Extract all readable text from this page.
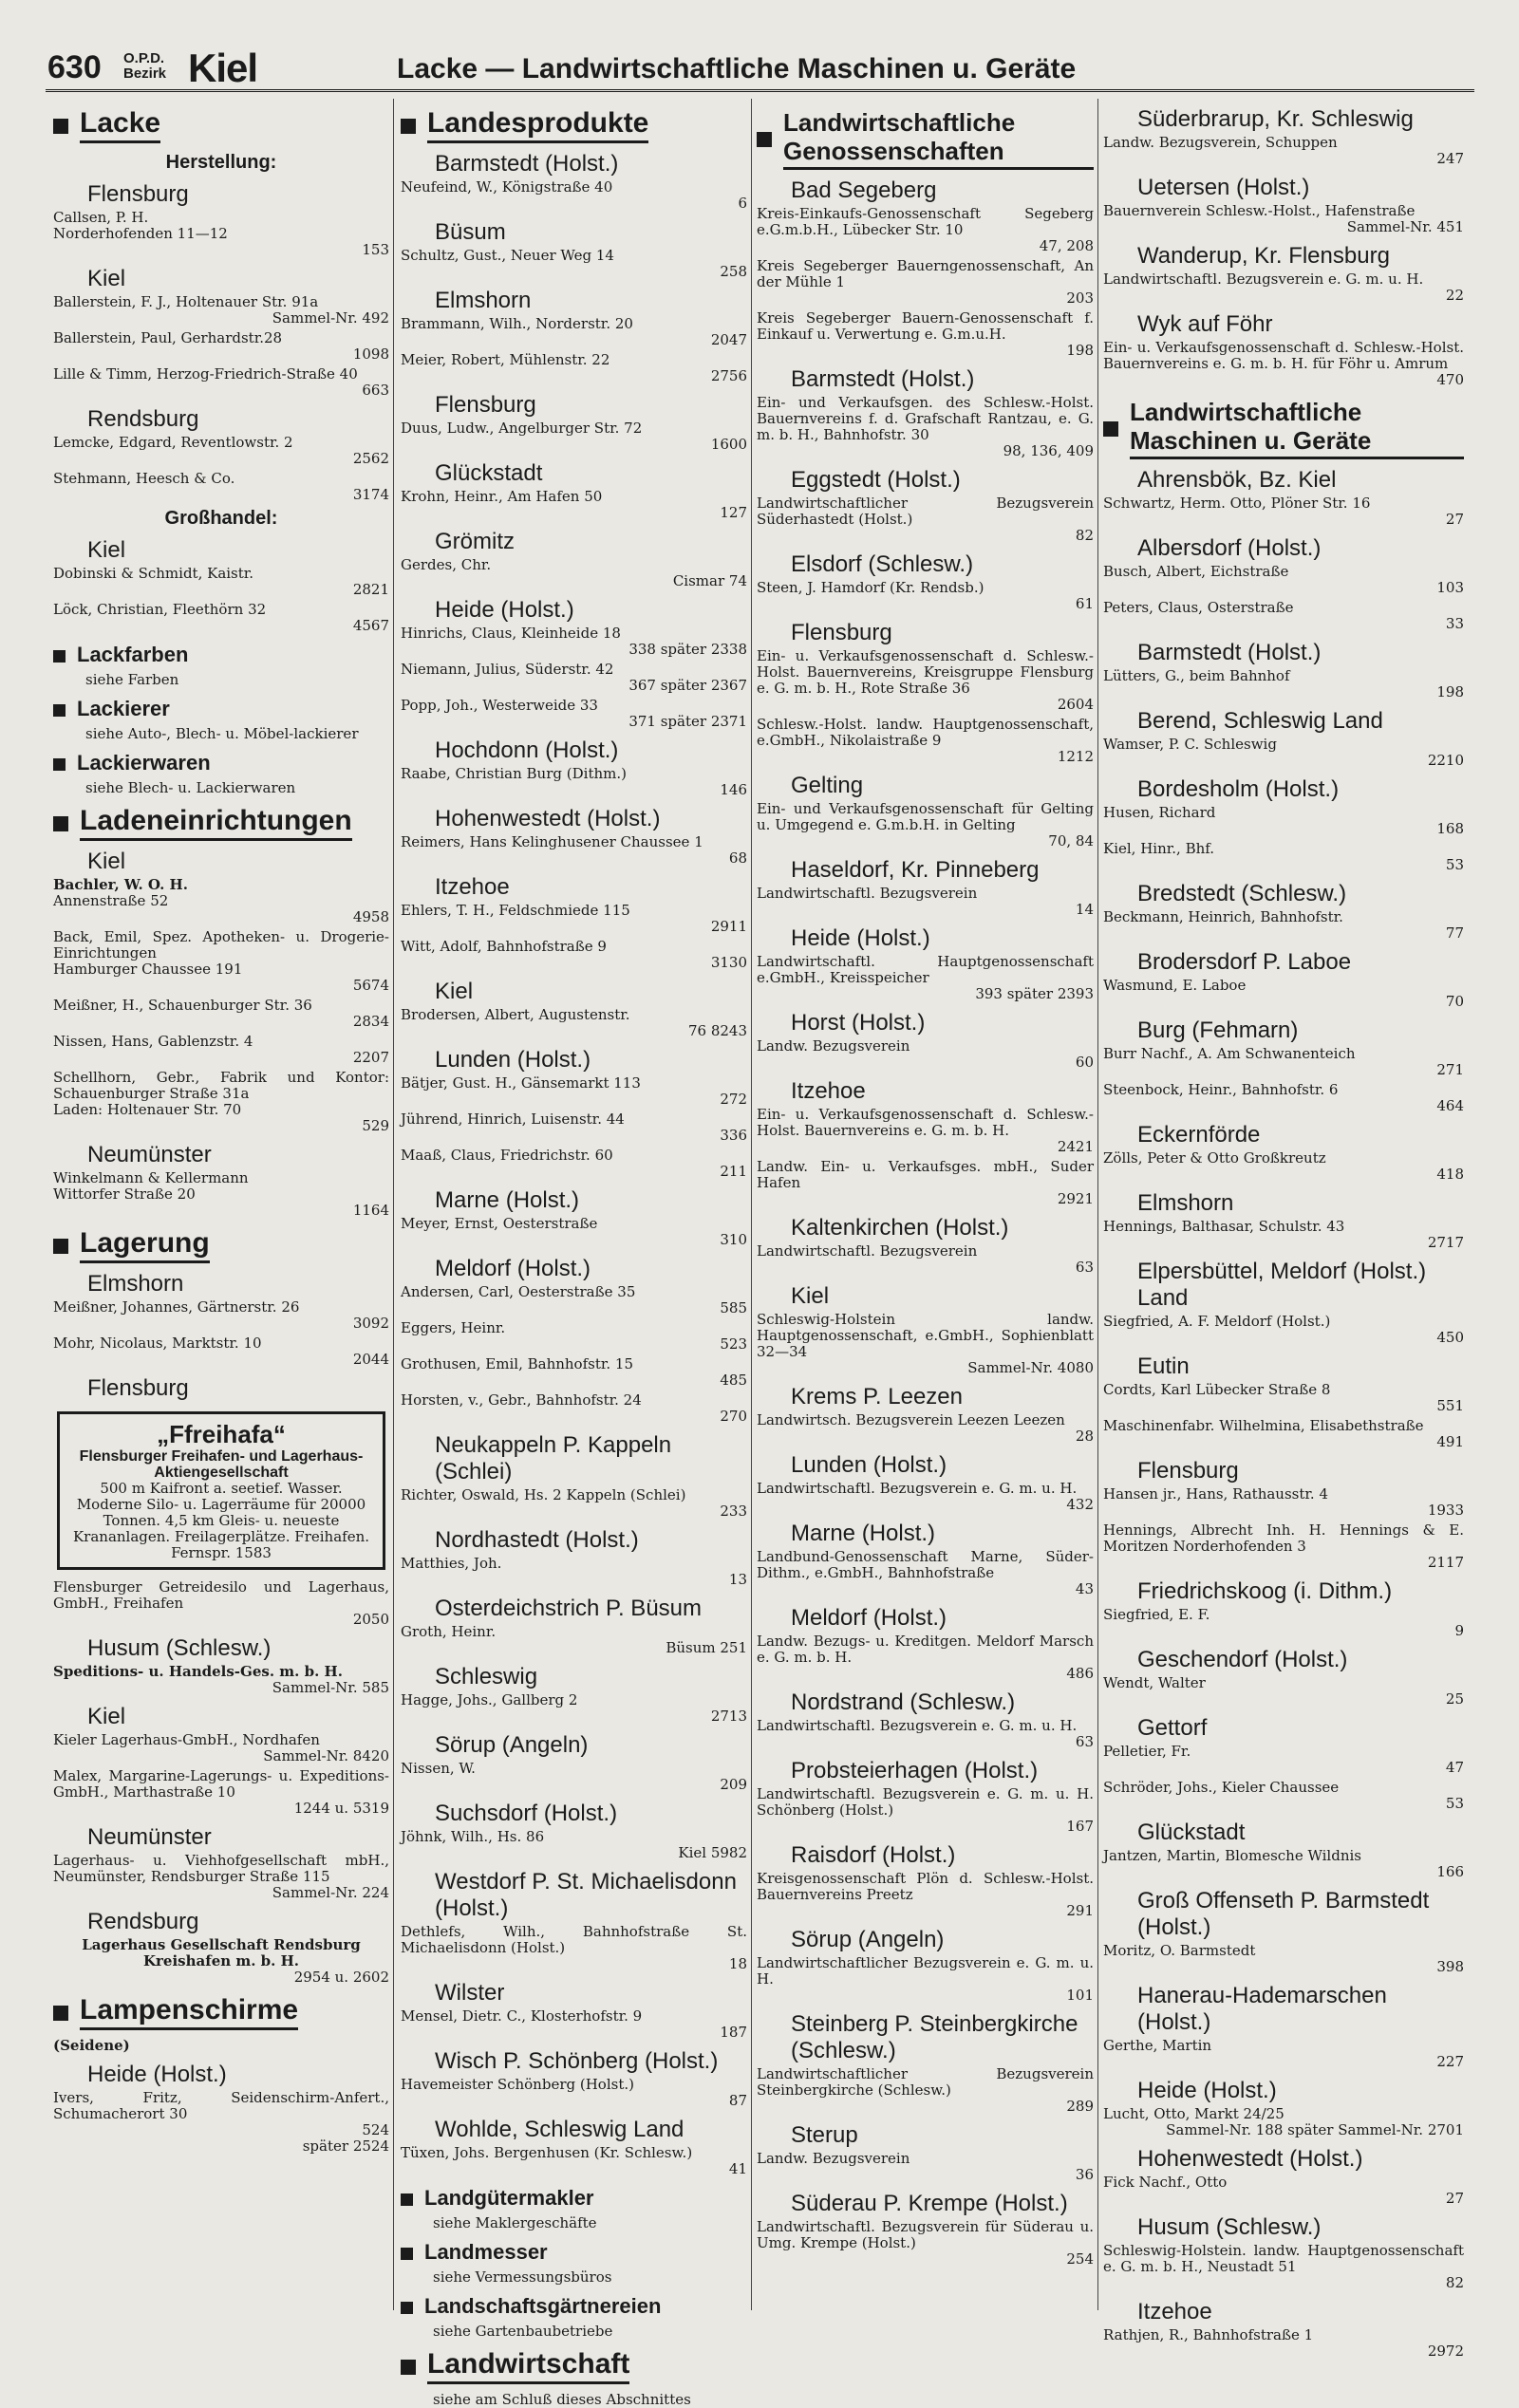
630 O.P.D.
Bezirk Kiel	Lacke — Landwirtschaftliche Maschinen u. Geräte
Lacke
Herstellung:
Flensburg
Callsen, P. H.
Norderhofenden 11—12
153
Kiel
Ballerstein, F. J., Holtenauer Str. 91a
Sammel-Nr. 492
Ballerstein, Paul, Gerhardstr.28
1098
Lille & Timm, Herzog-Friedrich-Straße 40
663
Rendsburg
Lemcke, Edgard, Reventlowstr. 2
2562
Stehmann, Heesch & Co.
3174
Großhandel:
Kiel
Dobinski & Schmidt, Kaistr.
2821
Löck, Christian, Fleethörn 32
4567
Lackfarben
siehe Farben
Lackierer
siehe Auto-, Blech- u. Möbel-lackierer
Lackierwaren
siehe Blech- u. Lackierwaren
Ladeneinrichtungen
Kiel
Bachler, W. O. H.
Annenstraße 52
4958
Back, Emil, Spez. Apotheken- u. Drogerie-Einrichtungen
Hamburger Chaussee 191
5674
Meißner, H., Schauenburger Str. 36
2834
Nissen, Hans, Gablenzstr. 4
2207
Schellhorn, Gebr., Fabrik und Kontor: Schauenburger Straße 31a
Laden: Holtenauer Str. 70
529
Neumünster
Winkelmann & Kellermann
Wittorfer Straße 20
1164
Lagerung
Elmshorn
Meißner, Johannes, Gärtnerstr. 26
3092
Mohr, Nicolaus, Marktstr. 10
2044
Flensburg
„Ffreihafa“
Flensburger Freihafen- und Lagerhaus-Aktiengesellschaft
500 m Kaifront a. seetief. Wasser. Moderne Silo- u. Lagerräume für 20000 Tonnen. 4,5 km Gleis- u. neueste Krananlagen. Freilagerplätze. Freihafen. Fernspr. 1583
Flensburger Getreidesilo und Lagerhaus, GmbH., Freihafen
2050
Husum (Schlesw.)
Speditions- u. Handels-Ges. m. b. H.
Sammel-Nr. 585
Kiel
Kieler Lagerhaus-GmbH., Nordhafen
Sammel-Nr. 8420
Malex, Margarine-Lagerungs- u. Expeditions-GmbH., Marthastraße 10
1244 u. 5319
Neumünster
Lagerhaus- u. Viehhofgesellschaft mbH., Neumünster, Rendsburger Straße 115
Sammel-Nr. 224
Rendsburg
Lagerhaus Gesellschaft Rendsburg Kreishafen m. b. H.
2954 u. 2602
Lampenschirme
(Seidene)
Heide (Holst.)
Ivers, Fritz, Seidenschirm-Anfert., Schumacherort 30
524
später 2524
Landesprodukte
Barmstedt (Holst.)
Neufeind, W., Königstraße 40
6
Büsum
Schultz, Gust., Neuer Weg 14
258
Elmshorn
Brammann, Wilh., Norderstr. 20
2047
Meier, Robert, Mühlenstr. 22
2756
Flensburg
Duus, Ludw., Angelburger Str. 72
1600
Glückstadt
Krohn, Heinr., Am Hafen 50
127
Grömitz
Gerdes, Chr.
Cismar 74
Heide (Holst.)
Hinrichs, Claus, Kleinheide 18
338 später 2338
Niemann, Julius, Süderstr. 42
367 später 2367
Popp, Joh., Westerweide 33
371 später 2371
Hochdonn (Holst.)
Raabe, Christian Burg (Dithm.)
146
Hohenwestedt (Holst.)
Reimers, Hans Kelinghusener Chaussee 1
68
Itzehoe
Ehlers, T. H., Feldschmiede 115
2911
Witt, Adolf, Bahnhofstraße 9
3130
Kiel
Brodersen, Albert, Augustenstr.
76 8243
Lunden (Holst.)
Bätjer, Gust. H., Gänsemarkt 113
272
Jührend, Hinrich, Luisenstr. 44
336
Maaß, Claus, Friedrichstr. 60
211
Marne (Holst.)
Meyer, Ernst, Oesterstraße
310
Meldorf (Holst.)
Andersen, Carl, Oesterstraße 35
585
Eggers, Heinr.
523
Grothusen, Emil, Bahnhofstr. 15
485
Horsten, v., Gebr., Bahnhofstr. 24
270
Neukappeln P. Kappeln (Schlei)
Richter, Oswald, Hs. 2 Kappeln (Schlei)
233
Nordhastedt (Holst.)
Matthies, Joh.
13
Osterdeichstrich P. Büsum
Groth, Heinr.
Büsum 251
Schleswig
Hagge, Johs., Gallberg 2
2713
Sörup (Angeln)
Nissen, W.
209
Suchsdorf (Holst.)
Jöhnk, Wilh., Hs. 86
Kiel 5982
Westdorf P. St. Michaelisdonn (Holst.)
Dethlefs, Wilh., Bahnhofstraße St. Michaelisdonn (Holst.)
18
Wilster
Mensel, Dietr. C., Klosterhofstr. 9
187
Wisch P. Schönberg (Holst.)
Havemeister Schönberg (Holst.)
87
Wohlde, Schleswig Land
Tüxen, Johs. Bergenhusen (Kr. Schlesw.)
41
Landgütermakler
siehe Maklergeschäfte
Landmesser
siehe Vermessungsbüros
Landschaftsgärtnereien
siehe Gartenbaubetriebe
Landwirtschaft
siehe am Schluß dieses Abschnittes
Landwirtschaftliche Genossenschaften
Bad Segeberg
Kreis-Einkaufs-Genossenschaft Segeberg e.G.m.b.H., Lübecker Str. 10
47, 208
Kreis Segeberger Bauerngenossenschaft, An der Mühle 1
203
Kreis Segeberger Bauern-Genossenschaft f. Einkauf u. Verwertung e. G.m.u.H.
198
Barmstedt (Holst.)
Ein- und Verkaufsgen. des Schlesw.-Holst. Bauernvereins f. d. Grafschaft Rantzau, e. G. m. b. H., Bahnhofstr. 30
98, 136, 409
Eggstedt (Holst.)
Landwirtschaftlicher Bezugsverein Süderhastedt (Holst.)
82
Elsdorf (Schlesw.)
Steen, J. Hamdorf (Kr. Rendsb.)
61
Flensburg
Ein- u. Verkaufsgenossenschaft d. Schlesw.-Holst. Bauernvereins, Kreisgruppe Flensburg e. G. m. b. H., Rote Straße 36
2604
Schlesw.-Holst. landw. Hauptgenossenschaft, e.GmbH., Nikolaistraße 9
1212
Gelting
Ein- und Verkaufsgenossenschaft für Gelting u. Umgegend e. G.m.b.H. in Gelting
70, 84
Haseldorf, Kr. Pinneberg
Landwirtschaftl. Bezugsverein
14
Heide (Holst.)
Landwirtschaftl. Hauptgenossenschaft e.GmbH., Kreisspeicher
393 später 2393
Horst (Holst.)
Landw. Bezugsverein
60
Itzehoe
Ein- u. Verkaufsgenossenschaft d. Schlesw.-Holst. Bauernvereins e. G. m. b. H.
2421
Landw. Ein- u. Verkaufsges. mbH., Suder Hafen
2921
Kaltenkirchen (Holst.)
Landwirtschaftl. Bezugsverein
63
Kiel
Schleswig-Holstein landw. Hauptgenossenschaft, e.GmbH., Sophienblatt 32—34
Sammel-Nr. 4080
Krems P. Leezen
Landwirtsch. Bezugsverein Leezen Leezen
28
Lunden (Holst.)
Landwirtschaftl. Bezugsverein e. G. m. u. H.
432
Marne (Holst.)
Landbund-Genossenschaft Marne, Süder-Dithm., e.GmbH., Bahnhofstraße
43
Meldorf (Holst.)
Landw. Bezugs- u. Kreditgen. Meldorf Marsch e. G. m. b. H.
486
Nordstrand (Schlesw.)
Landwirtschaftl. Bezugsverein e. G. m. u. H.
63
Probsteierhagen (Holst.)
Landwirtschaftl. Bezugsverein e. G. m. u. H. Schönberg (Holst.)
167
Raisdorf (Holst.)
Kreisgenossenschaft Plön d. Schlesw.-Holst. Bauernvereins Preetz
291
Sörup (Angeln)
Landwirtschaftlicher Bezugsverein e. G. m. u. H.
101
Steinberg P. Steinbergkirche (Schlesw.)
Landwirtschaftlicher Bezugsverein Steinbergkirche (Schlesw.)
289
Sterup
Landw. Bezugsverein
36
Süderau P. Krempe (Holst.)
Landwirtschaftl. Bezugsverein für Süderau u. Umg. Krempe (Holst.)
254
Süderbrarup, Kr. Schleswig
Landw. Bezugsverein, Schuppen
247
Uetersen (Holst.)
Bauernverein Schlesw.-Holst., Hafenstraße
Sammel-Nr. 451
Wanderup, Kr. Flensburg
Landwirtschaftl. Bezugsverein e. G. m. u. H.
22
Wyk auf Föhr
Ein- u. Verkaufsgenossenschaft d. Schlesw.-Holst. Bauernvereins e. G. m. b. H. für Föhr u. Amrum
470
Landwirtschaftliche Maschinen u. Geräte
Ahrensbök, Bz. Kiel
Schwartz, Herm. Otto, Plöner Str. 16
27
Albersdorf (Holst.)
Busch, Albert, Eichstraße
103
Peters, Claus, Osterstraße
33
Barmstedt (Holst.)
Lütters, G., beim Bahnhof
198
Berend, Schleswig Land
Wamser, P. C. Schleswig
2210
Bordesholm (Holst.)
Husen, Richard
168
Kiel, Hinr., Bhf.
53
Bredstedt (Schlesw.)
Beckmann, Heinrich, Bahnhofstr.
77
Brodersdorf P. Laboe
Wasmund, E. Laboe
70
Burg (Fehmarn)
Burr Nachf., A. Am Schwanenteich
271
Steenbock, Heinr., Bahnhofstr. 6
464
Eckernförde
Zölls, Peter & Otto Großkreutz
418
Elmshorn
Hennings, Balthasar, Schulstr. 43
2717
Elpersbüttel, Meldorf (Holst.) Land
Siegfried, A. F. Meldorf (Holst.)
450
Eutin
Cordts, Karl Lübecker Straße 8
551
Maschinenfabr. Wilhelmina, Elisabethstraße
491
Flensburg
Hansen jr., Hans, Rathausstr. 4
1933
Hennings, Albrecht Inh. H. Hennings & E. Moritzen Norderhofenden 3
2117
Friedrichskoog (i. Dithm.)
Siegfried, E. F.
9
Geschendorf (Holst.)
Wendt, Walter
25
Gettorf
Pelletier, Fr.
47
Schröder, Johs., Kieler Chaussee
53
Glückstadt
Jantzen, Martin, Blomesche Wildnis
166
Groß Offenseth P. Barmstedt (Holst.)
Moritz, O. Barmstedt
398
Hanerau-Hademarschen (Holst.)
Gerthe, Martin
227
Heide (Holst.)
Lucht, Otto, Markt 24/25
Sammel-Nr. 188 später Sammel-Nr. 2701
Hohenwestedt (Holst.)
Fick Nachf., Otto
27
Husum (Schlesw.)
Schleswig-Holstein. landw. Hauptgenossenschaft e. G. m. b. H., Neustadt 51
82
Itzehoe
Rathjen, R., Bahnhofstraße 1
2972
